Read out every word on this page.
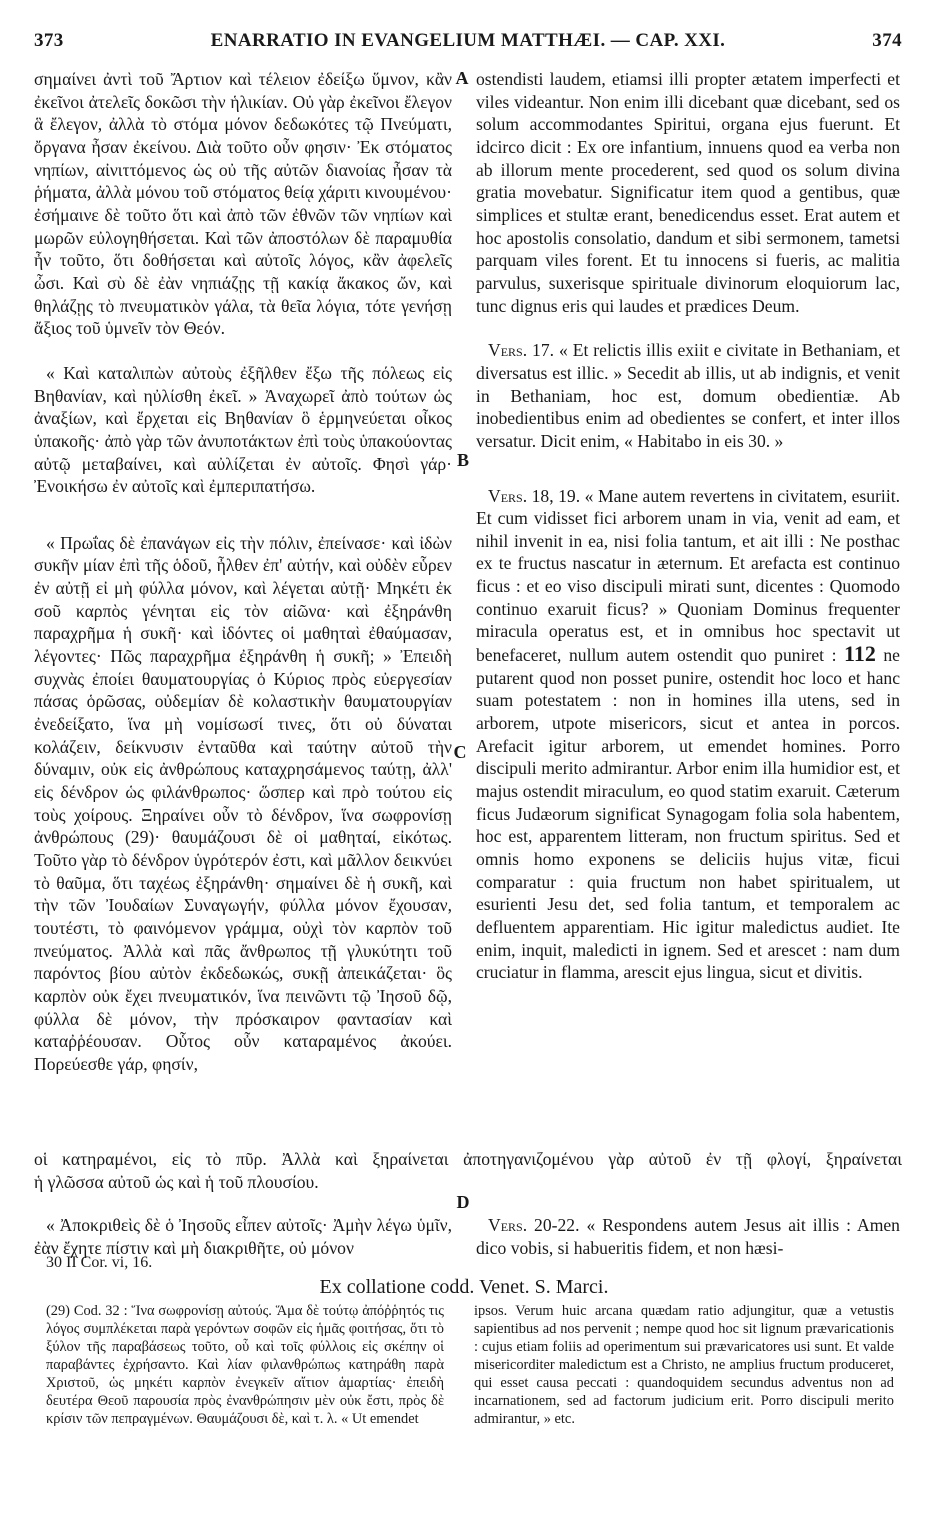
373	ENARRATIO IN EVANGELIUM MATTHÆI. — CAP. XXI.	374

σημαίνει ἀντὶ τοῦ Ἄρτιον καὶ τέλειον ἐδείξω ὕμνον, κἂν ἐκεῖνοι ἀτελεῖς δοκῶσι τὴν ἡλικίαν. Οὐ γὰρ ἐκεῖνοι ἔλεγον ἃ ἔλεγον, ἀλλὰ τὸ στόμα μόνον δεδωκότες τῷ Πνεύματι, ὄργανα ἦσαν ἐκείνου. Διὰ τοῦτο οὖν φησιν· Ἐκ στόματος νηπίων, αἰνιττόμενος ὡς οὐ τῆς αὐτῶν διανοίας ἦσαν τὰ ῥήματα, ἀλλὰ μόνου τοῦ στόματος θείᾳ χάριτι κινουμένου· ἐσήμαινε δὲ τοῦτο ὅτι καὶ ἀπὸ τῶν ἐθνῶν τῶν νηπίων καὶ μωρῶν εὐλογηθήσεται. Καὶ τῶν ἀποστόλων δὲ παραμυθία ἦν τοῦτο, ὅτι δοθήσεται καὶ αὐτοῖς λόγος, κἂν ἀφελεῖς ὦσι. Καὶ σὺ δὲ ἐὰν νηπιάζῃς τῇ κακίᾳ ἄκακος ὤν, καὶ θηλάζῃς τὸ πνευματικὸν γάλα, τὰ θεῖα λόγια, τότε γενήσῃ ἄξιος τοῦ ὑμνεῖν τὸν Θεόν.

« Καὶ καταλιπὼν αὐτοὺς ἐξῆλθεν ἔξω τῆς πόλεως εἰς Βηθανίαν, καὶ ηὐλίσθη ἐκεῖ. » Ἀναχωρεῖ ἀπὸ τούτων ὡς ἀναξίων, καὶ ἔρχεται εἰς Βηθανίαν ὃ ἑρμηνεύεται οἶκος ὑπακοῆς· ἀπὸ γὰρ τῶν ἀνυποτάκτων ἐπὶ τοὺς ὑπακούοντας αὐτῷ μεταβαίνει, καὶ αὐλίζεται ἐν αὐτοῖς. Φησὶ γάρ· Ἐνοικήσω ἐν αὐτοῖς καὶ ἐμπεριπατήσω.

« Πρωΐας δὲ ἐπανάγων εἰς τὴν πόλιν, ἐπείνασε· καὶ ἰδὼν συκῆν μίαν ἐπὶ τῆς ὁδοῦ, ἦλθεν ἐπ' αὐτήν, καὶ οὐδὲν εὗρεν ἐν αὐτῇ εἰ μὴ φύλλα μόνον, καὶ λέγεται αὐτῇ· Μηκέτι ἐκ σοῦ καρπὸς γένηται εἰς τὸν αἰῶνα· καὶ ἐξηράνθη παραχρῆμα ἡ συκῆ· καὶ ἰδόντες οἱ μαθηταὶ ἐθαύμασαν, λέγοντες· Πῶς παραχρῆμα ἐξηράνθη ἡ συκῆ; » Ἐπειδὴ συχνὰς ἐποίει θαυματουργίας ὁ Κύριος πρὸς εὐεργεσίαν πάσας ὁρῶσας, οὐδεμίαν δὲ κολαστικὴν θαυματουργίαν ἐνεδείξατο, ἵνα μὴ νομίσωσί τινες, ὅτι οὐ δύναται κολάζειν, δείκνυσιν ἐνταῦθα καὶ ταύτην αὐτοῦ τὴν δύναμιν, οὐκ εἰς ἀνθρώπους καταχρησάμενος ταύτῃ, ἀλλ' εἰς δένδρον ὡς φιλάνθρωπος· ὥσπερ καὶ πρὸ τούτου εἰς τοὺς χοίρους. Ξηραίνει οὖν τὸ δένδρον, ἵνα σωφρονίσῃ ἀνθρώπους (29)· θαυμάζουσι δὲ οἱ μαθηταί, εἰκότως. Τοῦτο γὰρ τὸ δένδρον ὑγρότερόν ἐστι, καὶ μᾶλλον δεικνύει τὸ θαῦμα, ὅτι ταχέως ἐξηράνθη· σημαίνει δὲ ἡ συκῆ, καὶ τὴν τῶν Ἰουδαίων Συναγωγήν, φύλλα μόνον ἔχουσαν, τουτέστι, τὸ φαινόμενον γράμμα, οὐχὶ τὸν καρπὸν τοῦ πνεύματος. Ἀλλὰ καὶ πᾶς ἄνθρωπος τῇ γλυκύτητι τοῦ παρόντος βίου αὐτὸν ἐκδεδωκώς, συκῇ ἀπεικάζεται· ὃς καρπὸν οὐκ ἔχει πνευματικόν, ἵνα πεινῶντι τῷ Ἰησοῦ δῷ, φύλλα δὲ μόνον, τὴν πρόσκαιρον φαντασίαν καὶ καταῤῥέουσαν. Οὗτος οὖν καταραμένος ἀκούει. Πορεύεσθε γάρ, φησίν,

ostendisti laudem, etiamsi illi propter ætatem imperfecti et viles videantur. Non enim illi dicebant quæ dicebant, sed os solum accommodantes Spiritui, organa ejus fuerunt. Et idcirco dicit : Ex ore infantium, innuens quod ea verba non ab illorum mente procederent, sed quod os solum divina gratia movebatur. Significatur item quod a gentibus, quæ simplices et stultæ erant, benedicendus esset. Erat autem et hoc apostolis consolatio, dandum et sibi sermonem, tametsi parquam viles forent. Et tu innocens si fueris, ac malitia parvulus, suxerisque spirituale divinorum eloquiorum lac, tunc dignus eris qui laudes et prædices Deum.

Vers. 17. « Et relictis illis exiit e civitate in Bethaniam, et diversatus est illic. » Secedit ab illis, ut ab indignis, et venit in Bethaniam, hoc est, domum obedientiæ. Ab inobedientibus enim ad obedientes se confert, et inter illos versatur. Dicit enim, « Habitabo in eis 30. »

Vers. 18, 19. « Mane autem revertens in civitatem, esuriit. Et cum vidisset fici arborem unam in via, venit ad eam, et nihil invenit in ea, nisi folia tantum, et ait illi : Ne posthac ex te fructus nascatur in æternum. Et arefacta est continuo ficus : et eo viso discipuli mirati sunt, dicentes : Quomodo continuo exaruit ficus? » Quoniam Dominus frequenter miracula operatus est, et in omnibus hoc spectavit ut benefaceret, nullum autem ostendit quo puniret : 112 ne putarent quod non posset punire, ostendit hoc loco et hanc suam potestatem : non in homines illa utens, sed in arborem, utpote misericors, sicut et antea in porcos. Arefacit igitur arborem, ut emendet homines. Porro discipuli merito admirantur. Arbor enim illa humidior est, et majus ostendit miraculum, eo quod statim exaruit. Cæterum ficus Judæorum significat Synagogam folia sola habentem, hoc est, apparentem litteram, non fructum spiritus. Sed et omnis homo exponens se deliciis hujus vitæ, ficui comparatur : quia fructum non habet spiritualem, ut esurienti Jesu det, sed folia tantum, et temporalem ac defluentem apparentiam. Hic igitur maledictus audiet. Ite enim, inquit, maledicti in ignem. Sed et arescet : nam dum cruciatur in flamma, arescit ejus lingua, sicut et divitis.

A
B
C
D

οἱ κατηραμένοι, εἰς τὸ πῦρ. Ἀλλὰ καὶ ξηραίνεται ἀποτηγανιζομένου γὰρ αὐτοῦ ἐν τῇ φλογί, ξηραίνεται

ἡ γλῶσσα αὐτοῦ ὡς καὶ ἡ τοῦ πλουσίου.

« Ἀποκριθεὶς δὲ ὁ Ἰησοῦς εἶπεν αὐτοῖς· Ἀμὴν λέγω ὑμῖν, ἐὰν ἔχητε πίστιν καὶ μὴ διακριθῆτε, οὐ μόνον

Vers. 20-22. « Respondens autem Jesus ait illis : Amen dico vobis, si habueritis fidem, et non hæsi-

30 II Cor. vi, 16.
Ex collatione codd. Venet. S. Marci.

(29) Cod. 32 : Ἵνα σωφρονίσῃ αὐτούς. Ἅμα δὲ τούτῳ ἀπόῤῥητός τις λόγος συμπλέκεται παρὰ γερόντων σοφῶν εἰς ἡμᾶς φοιτήσας, ὅτι τὸ ξύλον τῆς παραβάσεως τοῦτο, οὗ καὶ τοῖς φύλλοις εἰς σκέπην οἱ παραβάντες ἐχρήσαντο. Καὶ λίαν φιλανθρώπως κατηράθη παρὰ Χριστοῦ, ὡς μηκέτι καρπὸν ἐνεγκεῖν αἴτιον ἁμαρτίας· ἐπειδὴ δευτέρα Θεοῦ παρουσία πρὸς ἐνανθρώπησιν μὲν οὐκ ἔστι, πρὸς δὲ κρίσιν τῶν πεπραγμένων. Θαυμάζουσι δὲ, καὶ τ. λ. « Ut emendet

ipsos. Verum huic arcana quædam ratio adjungitur, quæ a vetustis sapientibus ad nos pervenit ; nempe quod hoc sit lignum prævaricationis : cujus etiam foliis ad operimentum sui prævaricatores usi sunt. Et valde misericorditer maledictum est a Christo, ne amplius fructum produceret, qui esset causa peccati : quandoquidem secundus adventus non ad incarnationem, sed ad factorum judicium erit. Porro discipuli merito admirantur, » etc.
